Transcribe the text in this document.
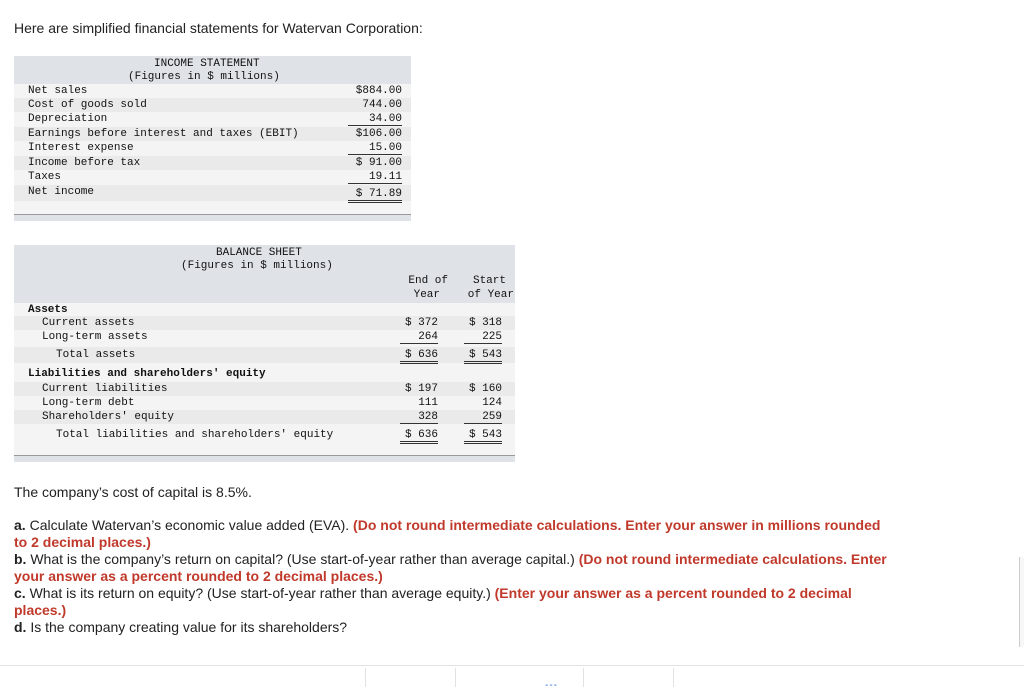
Here are simplified financial statements for Watervan Corporation:
INCOME STATEMENT
(Figures in $ millions)
Net sales	$884.00
Cost of goods sold	744.00
Depreciation	34.00
Earnings before interest and taxes (EBIT)	$106.00
Interest expense	15.00
Income before tax	$ 91.00
Taxes	19.11
Net income	$ 71.89
BALANCE SHEET
(Figures in $ millions)
End of
Year
Start
of Year
Assets
Current assets	$ 372	$ 318
Long-term assets	264	225
Total assets	$ 636	$ 543
Liabilities and shareholders' equity
Current liabilities	$ 197	$ 160
Long-term debt	111	124
Shareholders' equity	328	259
Total liabilities and shareholders' equity	$ 636	$ 543
The company’s cost of capital is 8.5%.
a. Calculate Watervan’s economic value added (EVA). (Do not round intermediate calculations. Enter your answer in millions rounded to 2 decimal places.)
b. What is the company’s return on capital? (Use start-of-year rather than average capital.) (Do not round intermediate calculations. Enter your answer as a percent rounded to 2 decimal places.)
c. What is its return on equity? (Use start-of-year rather than average equity.) (Enter your answer as a percent rounded to 2 decimal places.)
d. Is the company creating value for its shareholders?
---
